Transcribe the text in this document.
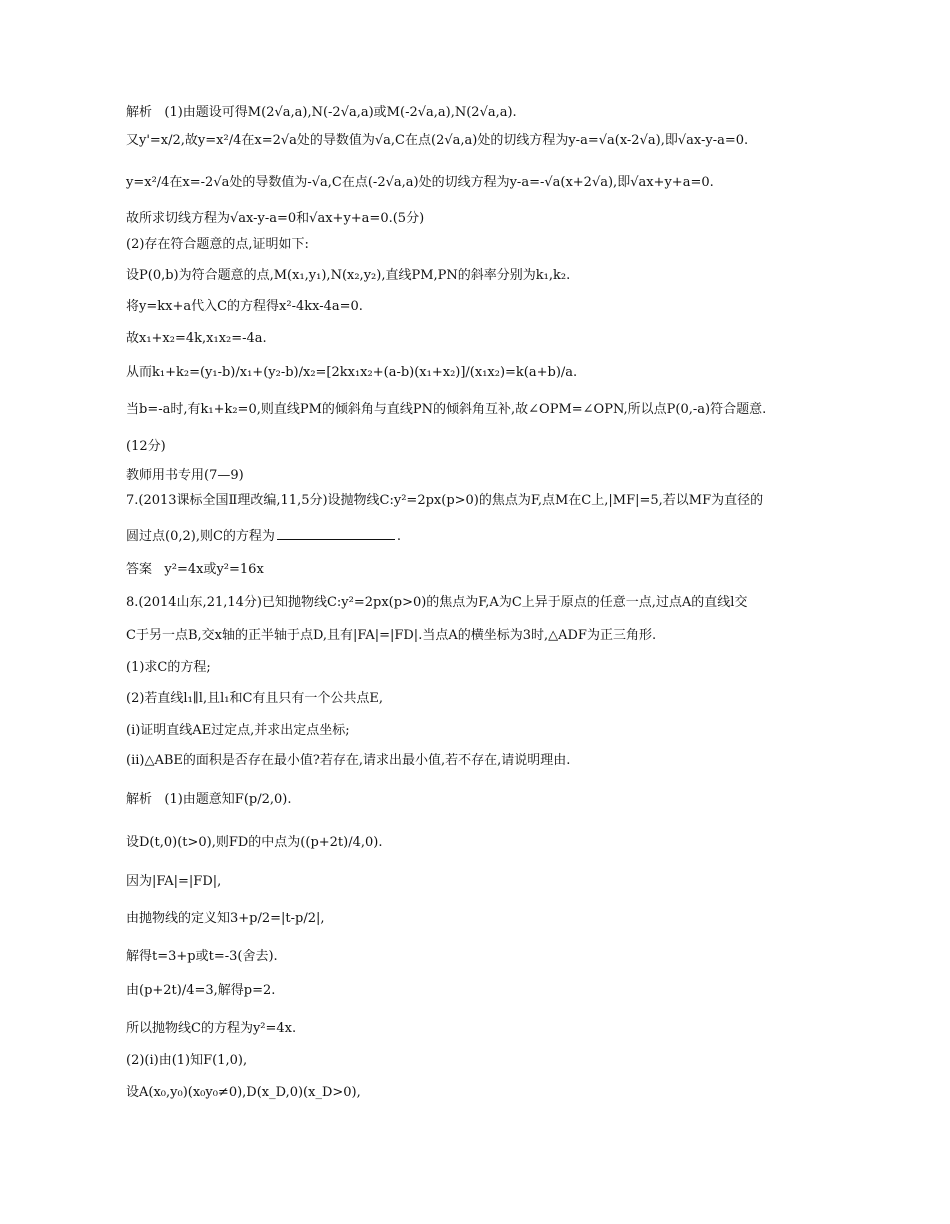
解析   (1)由题设可得M(2√a,a),N(-2√a,a)或M(-2√a,a),N(2√a,a).
又y'=x/2,故y=x²/4在x=2√a处的导数值为√a,C在点(2√a,a)处的切线方程为y-a=√a(x-2√a),即√ax-y-a=0.
y=x²/4在x=-2√a处的导数值为-√a,C在点(-2√a,a)处的切线方程为y-a=-√a(x+2√a),即√ax+y+a=0.
故所求切线方程为√ax-y-a=0和√ax+y+a=0.(5分)
(2)存在符合题意的点,证明如下:
设P(0,b)为符合题意的点,M(x₁,y₁),N(x₂,y₂),直线PM,PN的斜率分别为k₁,k₂.
将y=kx+a代入C的方程得x²-4kx-4a=0.
故x₁+x₂=4k,x₁x₂=-4a.
从而k₁+k₂=(y₁-b)/x₁+(y₂-b)/x₂=[2kx₁x₂+(a-b)(x₁+x₂)]/(x₁x₂)=k(a+b)/a.
当b=-a时,有k₁+k₂=0,则直线PM的倾斜角与直线PN的倾斜角互补,故∠OPM=∠OPN,所以点P(0,-a)符合题意.
(12分)
教师用书专用(7—9)
7.(2013课标全国Ⅱ理改编,11,5分)设抛物线C:y²=2px(p>0)的焦点为F,点M在C上,|MF|=5,若以MF为直径的
圆过点(0,2),则C的方程为	.
答案   y²=4x或y²=16x
8.(2014山东,21,14分)已知抛物线C:y²=2px(p>0)的焦点为F,A为C上异于原点的任意一点,过点A的直线l交
C于另一点B,交x轴的正半轴于点D,且有|FA|=|FD|.当点A的横坐标为3时,△ADF为正三角形.
(1)求C的方程;
(2)若直线l₁∥l,且l₁和C有且只有一个公共点E,
(i)证明直线AE过定点,并求出定点坐标;
(ii)△ABE的面积是否存在最小值?若存在,请求出最小值,若不存在,请说明理由.
解析   (1)由题意知F(p/2,0).
设D(t,0)(t>0),则FD的中点为((p+2t)/4,0).
因为|FA|=|FD|,
由抛物线的定义知3+p/2=|t-p/2|,
解得t=3+p或t=-3(舍去).
由(p+2t)/4=3,解得p=2.
所以抛物线C的方程为y²=4x.
(2)(i)由(1)知F(1,0),
设A(x₀,y₀)(x₀y₀≠0),D(x_D,0)(x_D>0),
